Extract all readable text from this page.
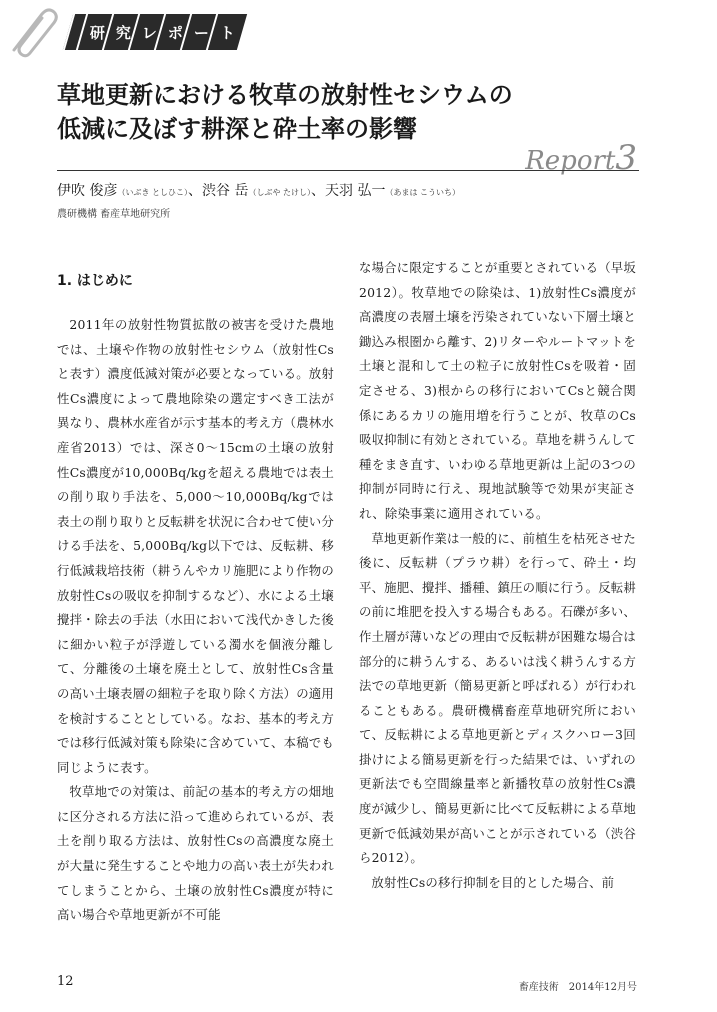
研 究 レ ポ ー ト
草地更新における牧草の放射性セシウムの
低減に及ぼす耕深と砕土率の影響
Report3
伊吹 俊彦（いぶき としひこ）、渋谷 岳（しぶや たけし）、天羽 弘一（あまは こういち）
農研機構 畜産草地研究所
1. はじめに

2011年の放射性物質拡散の被害を受けた農地では、土壌や作物の放射性セシウム（放射性Csと表す）濃度低減対策が必要となっている。放射性Cs濃度によって農地除染の選定すべき工法が異なり、農林水産省が示す基本的考え方（農林水産省2013）では、深さ0〜15cmの土壌の放射性Cs濃度が10,000Bq/kgを超える農地では表土の削り取り手法を、5,000〜10,000Bq/kgでは表土の削り取りと反転耕を状況に合わせて使い分ける手法を、5,000Bq/kg以下では、反転耕、移行低減栽培技術（耕うんやカリ施肥により作物の放射性Csの吸収を抑制するなど）、水による土壌攪拌・除去の手法（水田において浅代かきした後に細かい粒子が浮遊している濁水を個液分離して、分離後の土壌を廃土として、放射性Cs含量の高い土壌表層の細粒子を取り除く方法）の適用を検討することとしている。なお、基本的考え方では移行低減対策も除染に含めていて、本稿でも同じように表す。

牧草地での対策は、前記の基本的考え方の畑地に区分される方法に沿って進められているが、表土を削り取る方法は、放射性Csの高濃度な廃土が大量に発生することや地力の高い表土が失われてしまうことから、土壌の放射性Cs濃度が特に高い場合や草地更新が不可能

な場合に限定することが重要とされている（早坂2012）。牧草地での除染は、1)放射性Cs濃度が高濃度の表層土壌を汚染されていない下層土壌と鋤込み根圏から離す、2)リターやルートマットを土壌と混和して土の粒子に放射性Csを吸着・固定させる、3)根からの移行においてCsと競合関係にあるカリの施用増を行うことが、牧草のCs吸収抑制に有効とされている。草地を耕うんして種をまき直す、いわゆる草地更新は上記の3つの抑制が同時に行え、現地試験等で効果が実証され、除染事業に適用されている。

草地更新作業は一般的に、前植生を枯死させた後に、反転耕（プラウ耕）を行って、砕土・均平、施肥、攪拌、播種、鎮圧の順に行う。反転耕の前に堆肥を投入する場合もある。石礫が多い、作土層が薄いなどの理由で反転耕が困難な場合は部分的に耕うんする、あるいは浅く耕うんする方法での草地更新（簡易更新と呼ばれる）が行われることもある。農研機構畜産草地研究所において、反転耕による草地更新とディスクハロー3回掛けによる簡易更新を行った結果では、いずれの更新法でも空間線量率と新播牧草の放射性Cs濃度が減少し、簡易更新に比べて反転耕による草地更新で低減効果が高いことが示されている（渋谷ら2012）。

放射性Csの移行抑制を目的とした場合、前

12	畜産技術　2014年12月号
